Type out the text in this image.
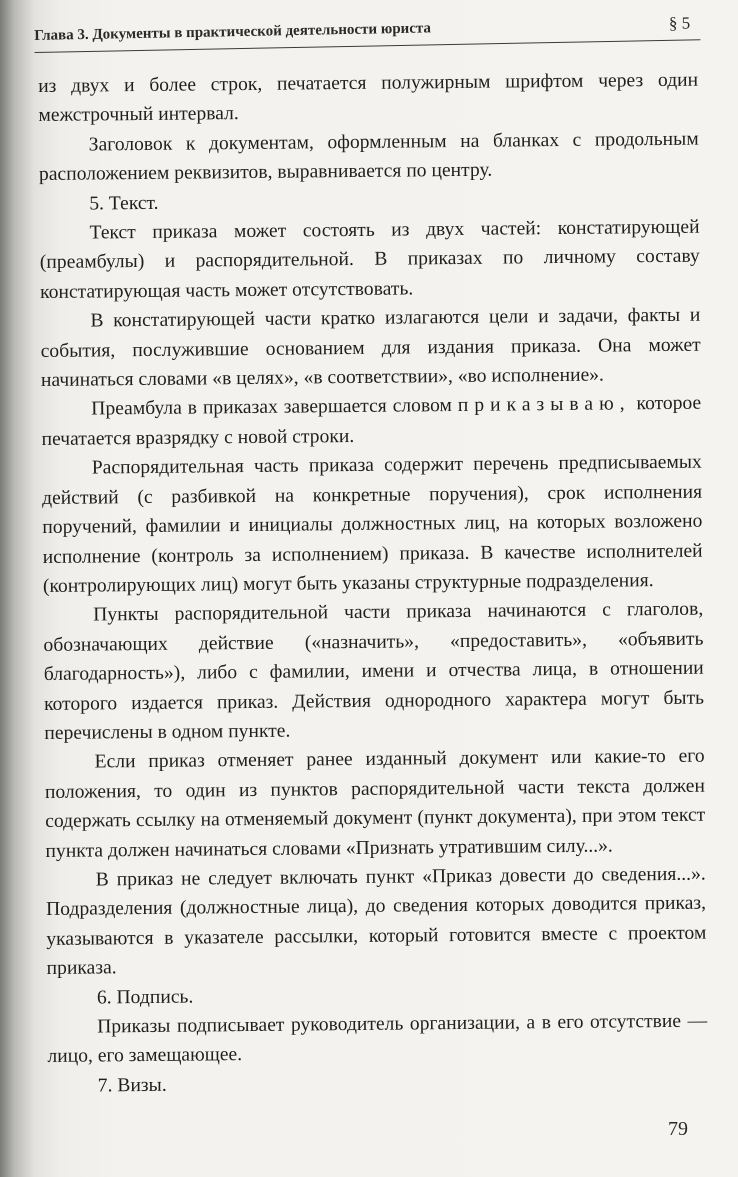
Глава 3. Документы в практической деятельности юриста	§ 5

из двух и более строк, печатается полужирным шрифтом через один межстрочный интервал.

Заголовок к документам, оформленным на бланках с продольным расположением реквизитов, выравнивается по центру.

5. Текст.

Текст приказа может состоять из двух частей: констатирующей (преамбулы) и распорядительной. В приказах по личному составу констатирующая часть может отсутствовать.

В констатирующей части кратко излагаются цели и задачи, факты и события, послужившие основанием для издания приказа. Она может начинаться словами «в целях», «в соответствии», «во исполнение».

Преамбула в приказах завершается словом приказываю, которое печатается вразрядку с новой строки.

Распорядительная часть приказа содержит перечень предписываемых действий (с разбивкой на конкретные поручения), срок исполнения поручений, фамилии и инициалы должностных лиц, на которых возложено исполнение (контроль за исполнением) приказа. В качестве исполнителей (контролирующих лиц) могут быть указаны структурные подразделения.

Пункты распорядительной части приказа начинаются с глаголов, обозначающих действие («назначить», «предоставить», «объявить благодарность»), либо с фамилии, имени и отчества лица, в отношении которого издается приказ. Действия однородного характера могут быть перечислены в одном пункте.

Если приказ отменяет ранее изданный документ или какие-то его положения, то один из пунктов распорядительной части текста должен содержать ссылку на отменяемый документ (пункт документа), при этом текст пункта должен начинаться словами «Признать утратившим силу...».

В приказ не следует включать пункт «Приказ довести до сведения...». Подразделения (должностные лица), до сведения которых доводится приказ, указываются в указателе рассылки, который готовится вместе с проектом приказа.

6. Подпись.

Приказы подписывает руководитель организации, а в его отсутствие — лицо, его замещающее.

7. Визы.

79
